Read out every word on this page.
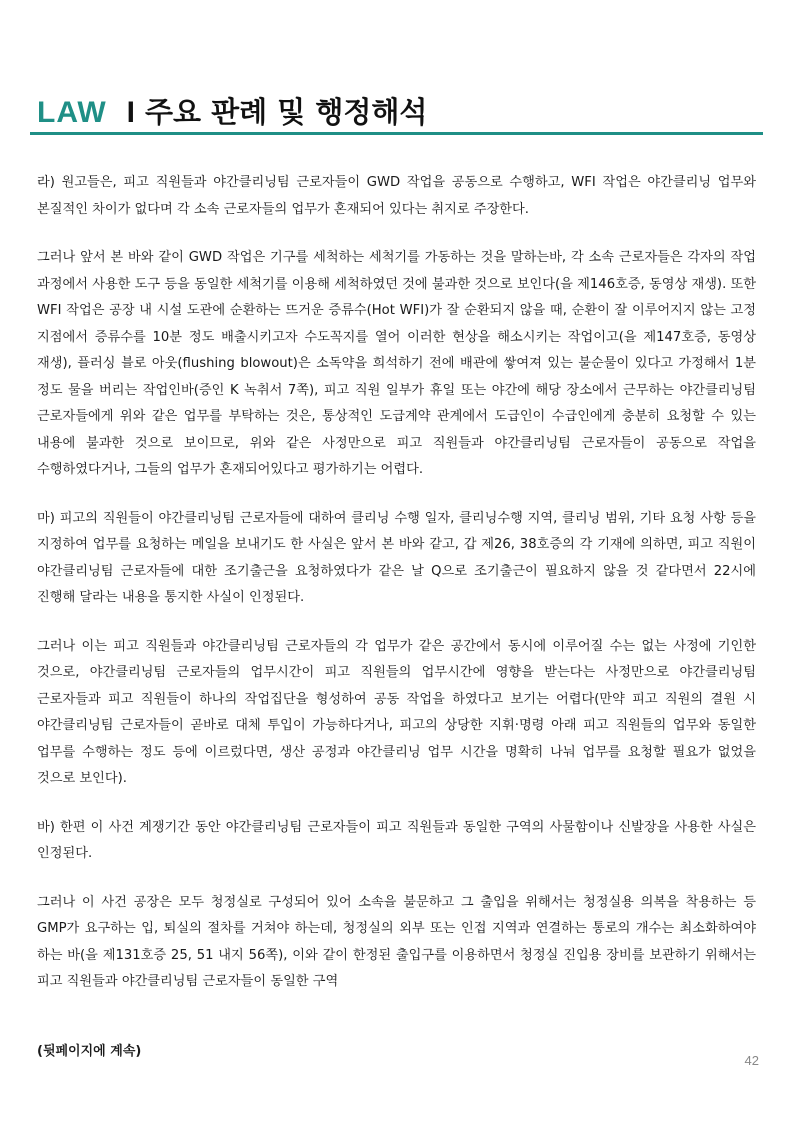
LAW I 주요 판례 및 행정해석

라) 원고들은, 피고 직원들과 야간클리닝팀 근로자들이 GWD 작업을 공동으로 수행하고, WFI 작업은 야간클리닝 업무와 본질적인 차이가 없다며 각 소속 근로자들의 업무가 혼재되어 있다는 취지로 주장한다.

그러나 앞서 본 바와 같이 GWD 작업은 기구를 세척하는 세척기를 가동하는 것을 말하는바, 각 소속 근로자들은 각자의 작업 과정에서 사용한 도구 등을 동일한 세척기를 이용해 세척하였던 것에 불과한 것으로 보인다(을 제146호증, 동영상 재생). 또한 WFI 작업은 공장 내 시설 도관에 순환하는 뜨거운 증류수(Hot WFI)가 잘 순환되지 않을 때, 순환이 잘 이루어지지 않는 고정 지점에서 증류수를 10분 정도 배출시키고자 수도꼭지를 열어 이러한 현상을 해소시키는 작업이고(을 제147호증, 동영상 재생), 플러싱 블로 아웃(flushing blowout)은 소독약을 희석하기 전에 배관에 쌓여져 있는 불순물이 있다고 가정해서 1분 정도 물을 버리는 작업인바(증인 K 녹취서 7쪽), 피고 직원 일부가 휴일 또는 야간에 해당 장소에서 근무하는 야간클리닝팀 근로자들에게 위와 같은 업무를 부탁하는 것은, 통상적인 도급계약 관계에서 도급인이 수급인에게 충분히 요청할 수 있는 내용에 불과한 것으로 보이므로, 위와 같은 사정만으로 피고 직원들과 야간클리닝팀 근로자들이 공동으로 작업을 수행하였다거나, 그들의 업무가 혼재되어있다고 평가하기는 어렵다.

마) 피고의 직원들이 야간클리닝팀 근로자들에 대하여 클리닝 수행 일자, 클리닝수행 지역, 클리닝 범위, 기타 요청 사항 등을 지정하여 업무를 요청하는 메일을 보내기도 한 사실은 앞서 본 바와 같고, 갑 제26, 38호증의 각 기재에 의하면, 피고 직원이 야간클리닝팀 근로자들에 대한 조기출근을 요청하였다가 같은 날 Q으로 조기출근이 필요하지 않을 것 같다면서 22시에 진행해 달라는 내용을 통지한 사실이 인정된다.

그러나 이는 피고 직원들과 야간클리닝팀 근로자들의 각 업무가 같은 공간에서 동시에 이루어질 수는 없는 사정에 기인한 것으로, 야간클리닝팀 근로자들의 업무시간이 피고 직원들의 업무시간에 영향을 받는다는 사정만으로 야간클리닝팀 근로자들과 피고 직원들이 하나의 작업집단을 형성하여 공동 작업을 하였다고 보기는 어렵다(만약 피고 직원의 결원 시 야간클리닝팀 근로자들이 곧바로 대체 투입이 가능하다거나, 피고의 상당한 지휘·명령 아래 피고 직원들의 업무와 동일한 업무를 수행하는 정도 등에 이르렀다면, 생산 공정과 야간클리닝 업무 시간을 명확히 나눠 업무를 요청할 필요가 없었을 것으로 보인다).

바) 한편 이 사건 계쟁기간 동안 야간클리닝팀 근로자들이 피고 직원들과 동일한 구역의 사물함이나 신발장을 사용한 사실은 인정된다.

그러나 이 사건 공장은 모두 청정실로 구성되어 있어 소속을 불문하고 그 출입을 위해서는 청정실용 의복을 착용하는 등 GMP가 요구하는 입, 퇴실의 절차를 거쳐야 하는데, 청정실의 외부 또는 인접 지역과 연결하는 통로의 개수는 최소화하여야 하는 바(을 제131호증 25, 51 내지 56쪽), 이와 같이 한정된 출입구를 이용하면서 청정실 진입용 장비를 보관하기 위해서는 피고 직원들과 야간클리닝팀 근로자들이 동일한 구역

(뒷페이지에 계속)
42
